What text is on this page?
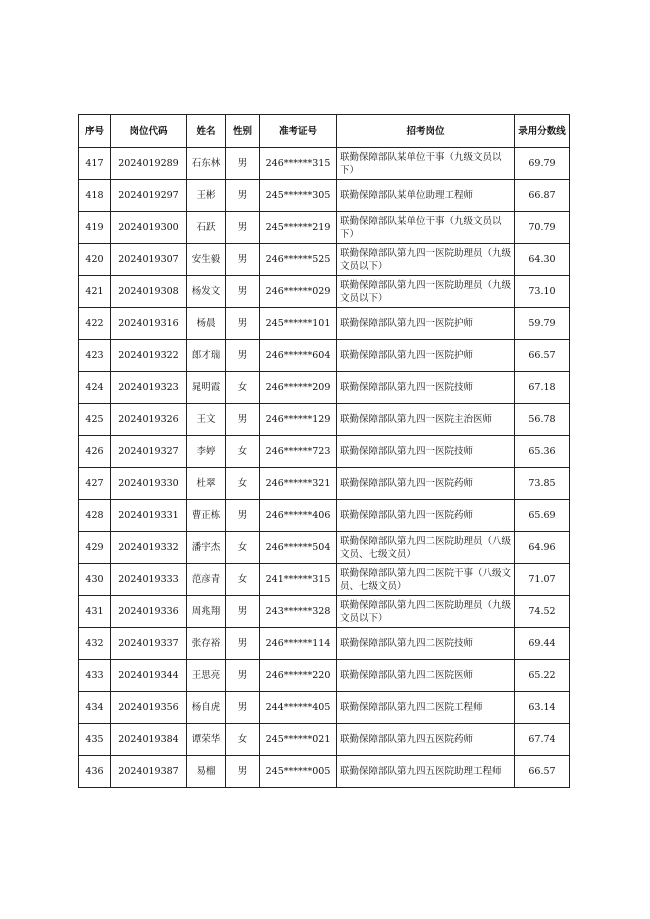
序号	岗位代码	姓名	性别	准考证号	招考岗位	录用分数线
417	2024019289	石东林	男	246******315	联勤保障部队某单位干事（九级文员以下）	69.79
418	2024019297	王彬	男	245******305	联勤保障部队某单位助理工程师	66.87
419	2024019300	石跃	男	245******219	联勤保障部队某单位干事（九级文员以下）	70.79
420	2024019307	安生毅	男	246******525	联勤保障部队第九四一医院助理员（九级文员以下）	64.30
421	2024019308	杨发文	男	246******029	联勤保障部队第九四一医院助理员（九级文员以下）	73.10
422	2024019316	杨晨	男	245******101	联勤保障部队第九四一医院护师	59.79
423	2024019322	郎才瑞	男	246******604	联勤保障部队第九四一医院护师	66.57
424	2024019323	晁明霞	女	246******209	联勤保障部队第九四一医院技师	67.18
425	2024019326	王文	男	246******129	联勤保障部队第九四一医院主治医师	56.78
426	2024019327	李婷	女	246******723	联勤保障部队第九四一医院技师	65.36
427	2024019330	杜翠	女	246******321	联勤保障部队第九四一医院药师	73.85
428	2024019331	曹正栋	男	246******406	联勤保障部队第九四一医院药师	65.69
429	2024019332	潘宇杰	女	246******504	联勤保障部队第九四二医院助理员（八级文员、七级文员）	64.96
430	2024019333	范彦青	女	241******315	联勤保障部队第九四二医院干事（八级文员、七级文员）	71.07
431	2024019336	周兆翔	男	243******328	联勤保障部队第九四二医院助理员（九级文员以下）	74.52
432	2024019337	张存裕	男	246******114	联勤保障部队第九四二医院技师	69.44
433	2024019344	王思亮	男	246******220	联勤保障部队第九四二医院医师	65.22
434	2024019356	杨自虎	男	244******405	联勤保障部队第九四二医院工程师	63.14
435	2024019384	谭荣华	女	245******021	联勤保障部队第九四五医院药师	67.74
436	2024019387	易榴	男	245******005	联勤保障部队第九四五医院助理工程师	66.57
